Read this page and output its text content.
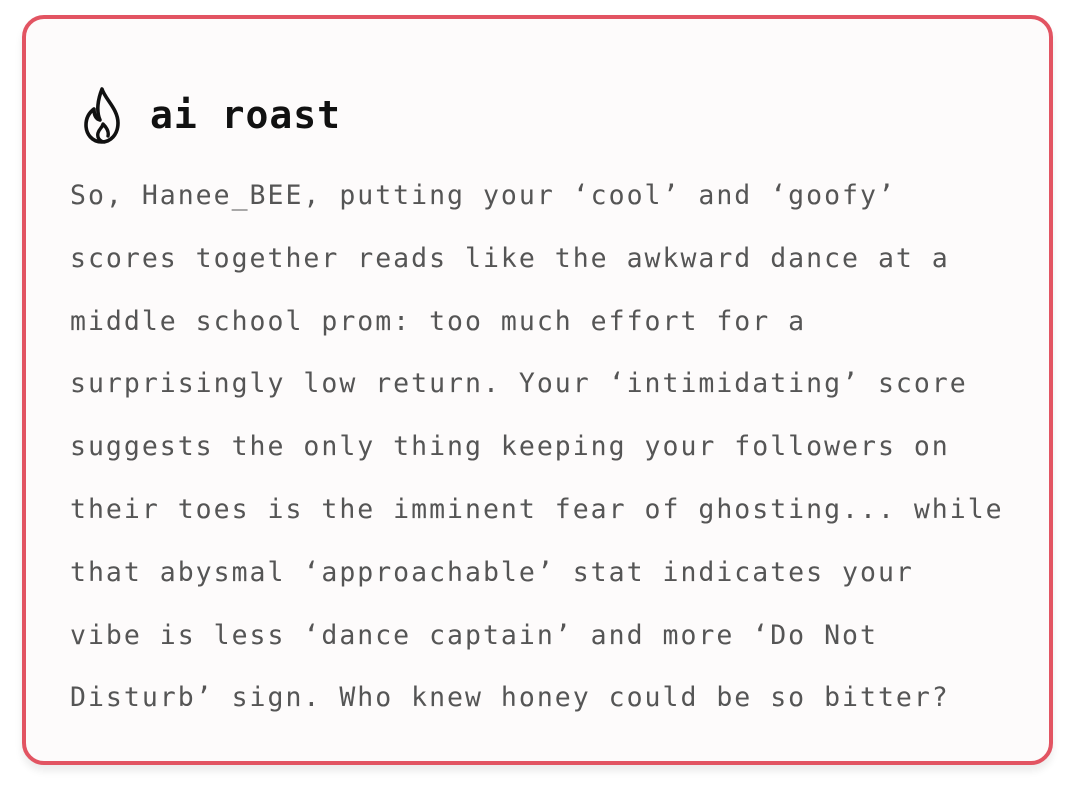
ai roast
So, Hanee_BEE, putting your ‘cool’ and ‘goofy’
scores together reads like the awkward dance at a
middle school prom: too much effort for a
surprisingly low return. Your ‘intimidating’ score
suggests the only thing keeping your followers on
their toes is the imminent fear of ghosting... while
that abysmal ‘approachable’ stat indicates your
vibe is less ‘dance captain’ and more ‘Do Not
Disturb’ sign. Who knew honey could be so bitter?
